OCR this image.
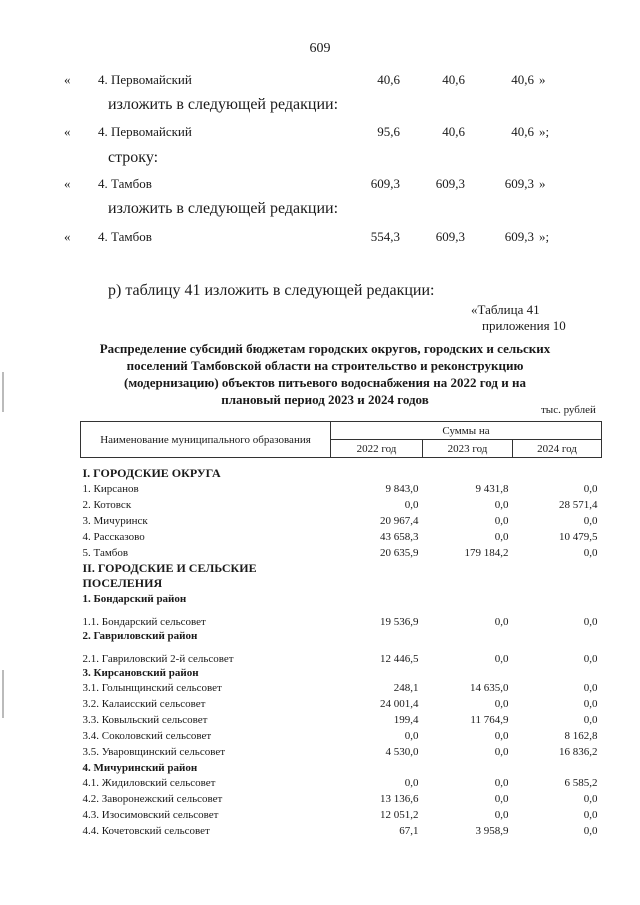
609
« 4. Первомайский	40,6	40,6	40,6 »
изложить в следующей редакции:
« 4. Первомайский	95,6	40,6	40,6 »;
строку:
« 4. Тамбов	609,3	609,3	609,3 »
изложить в следующей редакции:
« 4. Тамбов	554,3	609,3	609,3 »;
р) таблицу 41 изложить в следующей редакции:
«Таблица 41
приложения 10
Распределение субсидий бюджетам городских округов, городских и сельских
поселений Тамбовской области на строительство и реконструкцию
(модернизацию) объектов питьевого водоснабжения на 2022 год и на
плановый период 2023 и 2024 годов
тыс. рублей
Наименование муниципального образования	Суммы на		
	2022 год	2023 год	2024 год

I. ГОРОДСКИЕ ОКРУГА			
1. Кирсанов	9 843,0	9 431,8	0,0
2. Котовск	0,0	0,0	28 571,4
3. Мичуринск	20 967,4	0,0	0,0
4. Рассказово	43 658,3	0,0	10 479,5
5. Тамбов	20 635,9	179 184,2	0,0
II. ГОРОДСКИЕ И СЕЛЬСКИЕ			
ПОСЕЛЕНИЯ			
1. Бондарский район			
1.1. Бондарский сельсовет	19 536,9	0,0	0,0
2. Гавриловский район			
2.1. Гавриловский 2-й сельсовет	12 446,5	0,0	0,0
3. Кирсановский район			
3.1. Голынщинский сельсовет	248,1	14 635,0	0,0
3.2. Калаисский сельсовет	24 001,4	0,0	0,0
3.3. Ковыльский сельсовет	199,4	11 764,9	0,0
3.4. Соколовский сельсовет	0,0	0,0	8 162,8
3.5. Уваровщинский сельсовет	4 530,0	0,0	16 836,2
4. Мичуринский район			
4.1. Жидиловский сельсовет	0,0	0,0	6 585,2
4.2. Заворонежский сельсовет	13 136,6	0,0	0,0
4.3. Изосимовский сельсовет	12 051,2	0,0	0,0
4.4. Кочетовский сельсовет	67,1	3 958,9	0,0
